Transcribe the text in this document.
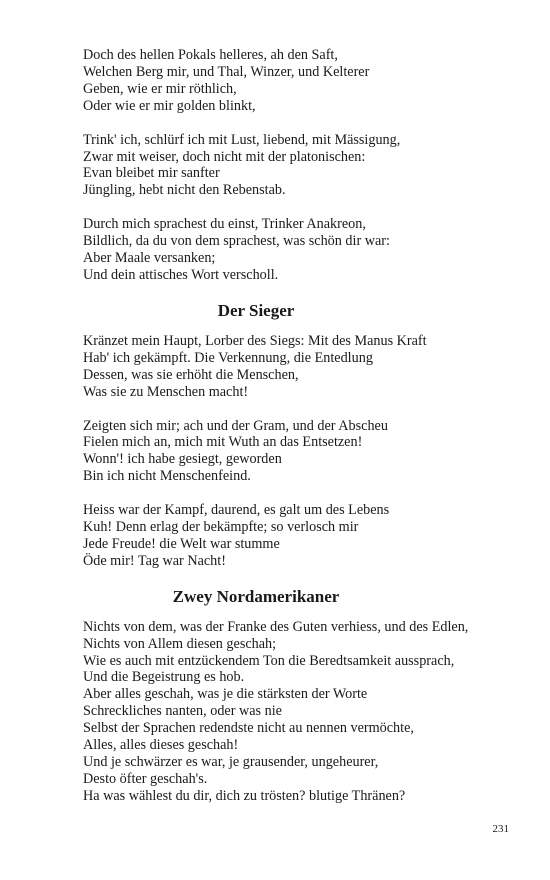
Doch des hellen Pokals helleres, ah den Saft,
Welchen Berg mir, und Thal, Winzer, und Kelterer
Geben, wie er mir röthlich,
Oder wie er mir golden blinkt,
Trink' ich, schlürf ich mit Lust, liebend, mit Mässigung,
Zwar mit weiser, doch nicht mit der platonischen:
Evan bleibet mir sanfter
Jüngling, hebt nicht den Rebenstab.
Durch mich sprachest du einst, Trinker Anakreon,
Bildlich, da du von dem sprachest, was schön dir war:
Aber Maale versanken;
Und dein attisches Wort verscholl.
Der Sieger
Kränzet mein Haupt, Lorber des Siegs: Mit des Manus Kraft
Hab' ich gekämpft. Die Verkennung, die Entedlung
Dessen, was sie erhöht die Menschen,
Was sie zu Menschen macht!
Zeigten sich mir; ach und der Gram, und der Abscheu
Fielen mich an, mich mit Wuth an das Entsetzen!
Wonn'! ich habe gesiegt, geworden
Bin ich nicht Menschenfeind.
Heiss war der Kampf, daurend, es galt um des Lebens
Kuh! Denn erlag der bekämpfte; so verlosch mir
Jede Freude! die Welt war stumme
Öde mir! Tag war Nacht!
Zwey Nordamerikaner
Nichts von dem, was der Franke des Guten verhiess, und des Edlen,
Nichts von Allem diesen geschah;
Wie es auch mit entzückendem Ton die Beredtsamkeit aussprach,
Und die Begeistrung es hob.
Aber alles geschah, was je die stärksten der Worte
Schreckliches nanten, oder was nie
Selbst der Sprachen redendste nicht au nennen vermöchte,
Alles, alles dieses geschah!
Und je schwärzer es war, je grausender, ungeheurer,
Desto öfter geschah's.
Ha was wählest du dir, dich zu trösten? blutige Thränen?
231
